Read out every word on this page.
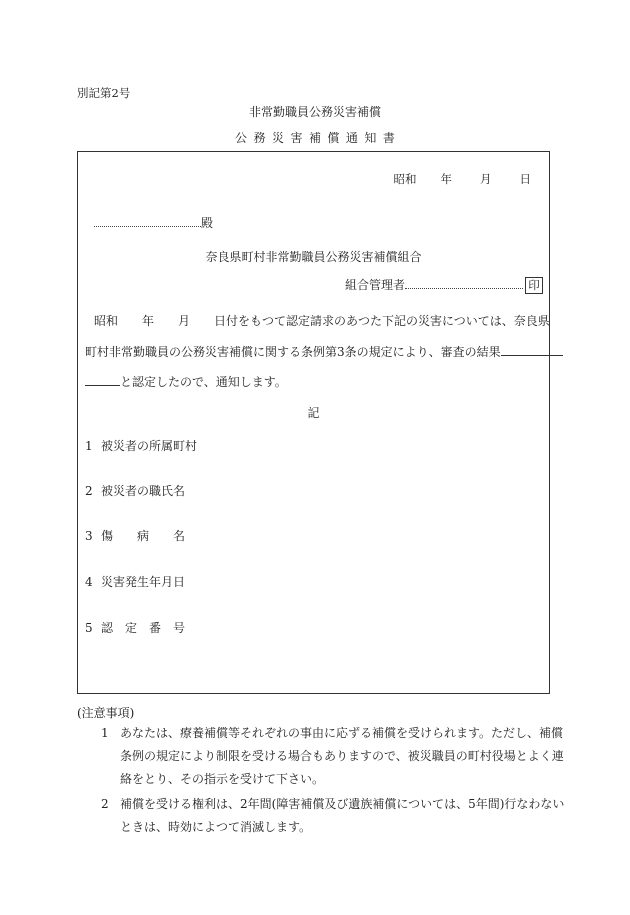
別記第2号
非常勤職員公務災害補償
公 務 災 害 補 償 通 知 書
昭和 年 月 日
殿
奈良県町村非常勤職員公務災害補償組合
組合管理者	印
昭和 年 月 日付をもつて認定請求のあつた下記の災害については、奈良県
町村非常勤職員の公務災害補償に関する条例第3条の規定により、審査の結果
と認定したので、通知します。
記
1 被災者の所属町村
2 被災者の職氏名
3 傷　　病　　名
4 災害発生年月日
5 認　定　番　号
(注意事項)
1 あなたは、療養補償等それぞれの事由に応ずる補償を受けられます。ただし、補償
条例の規定により制限を受ける場合もありますので、被災職員の町村役場とよく連
絡をとり、その指示を受けて下さい。
2 補償を受ける権利は、2年間(障害補償及び遺族補償については、5年間)行なわない
ときは、時効によつて消滅します。
